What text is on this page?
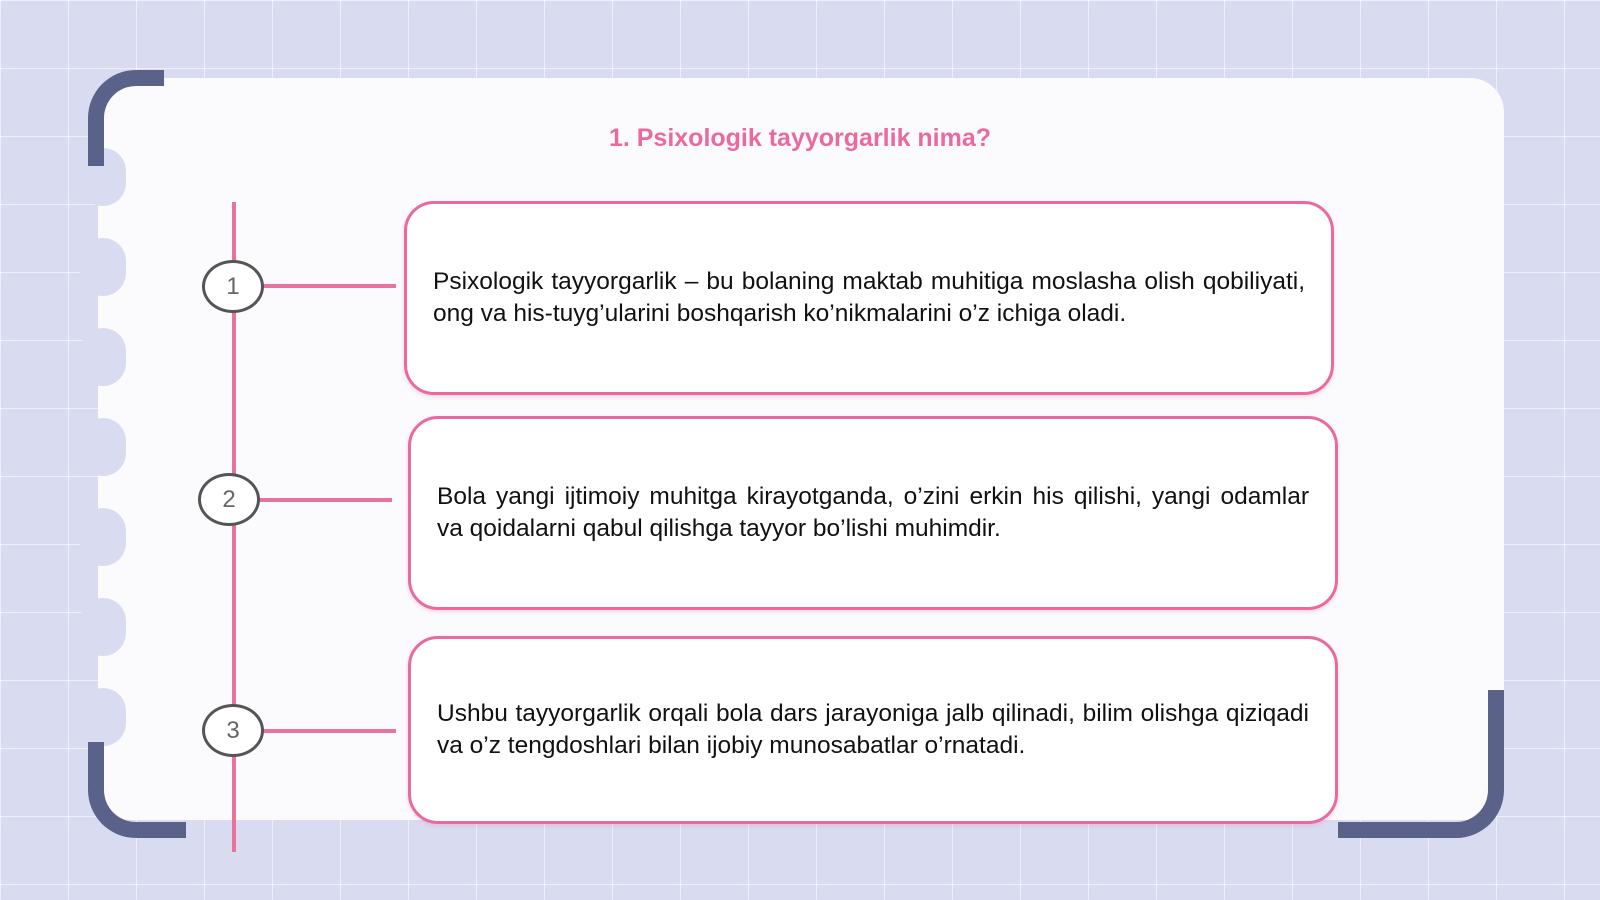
1. Psixologik tayyorgarlik nima?
1
2
3

Psixologik tayyorgarlik – bu bolaning maktab muhitiga moslasha olish qobiliyati, ong va his-tuyg’ularini boshqarish ko’nikmalarini o’z ichiga oladi.

Bola yangi ijtimoiy muhitga kirayotganda, o’zini erkin his qilishi, yangi odamlar va qoidalarni qabul qilishga tayyor bo’lishi muhimdir.

Ushbu tayyorgarlik orqali bola dars jarayoniga jalb qilinadi, bilim olishga qiziqadi va o’z tengdoshlari bilan ijobiy munosabatlar o’rnatadi.
